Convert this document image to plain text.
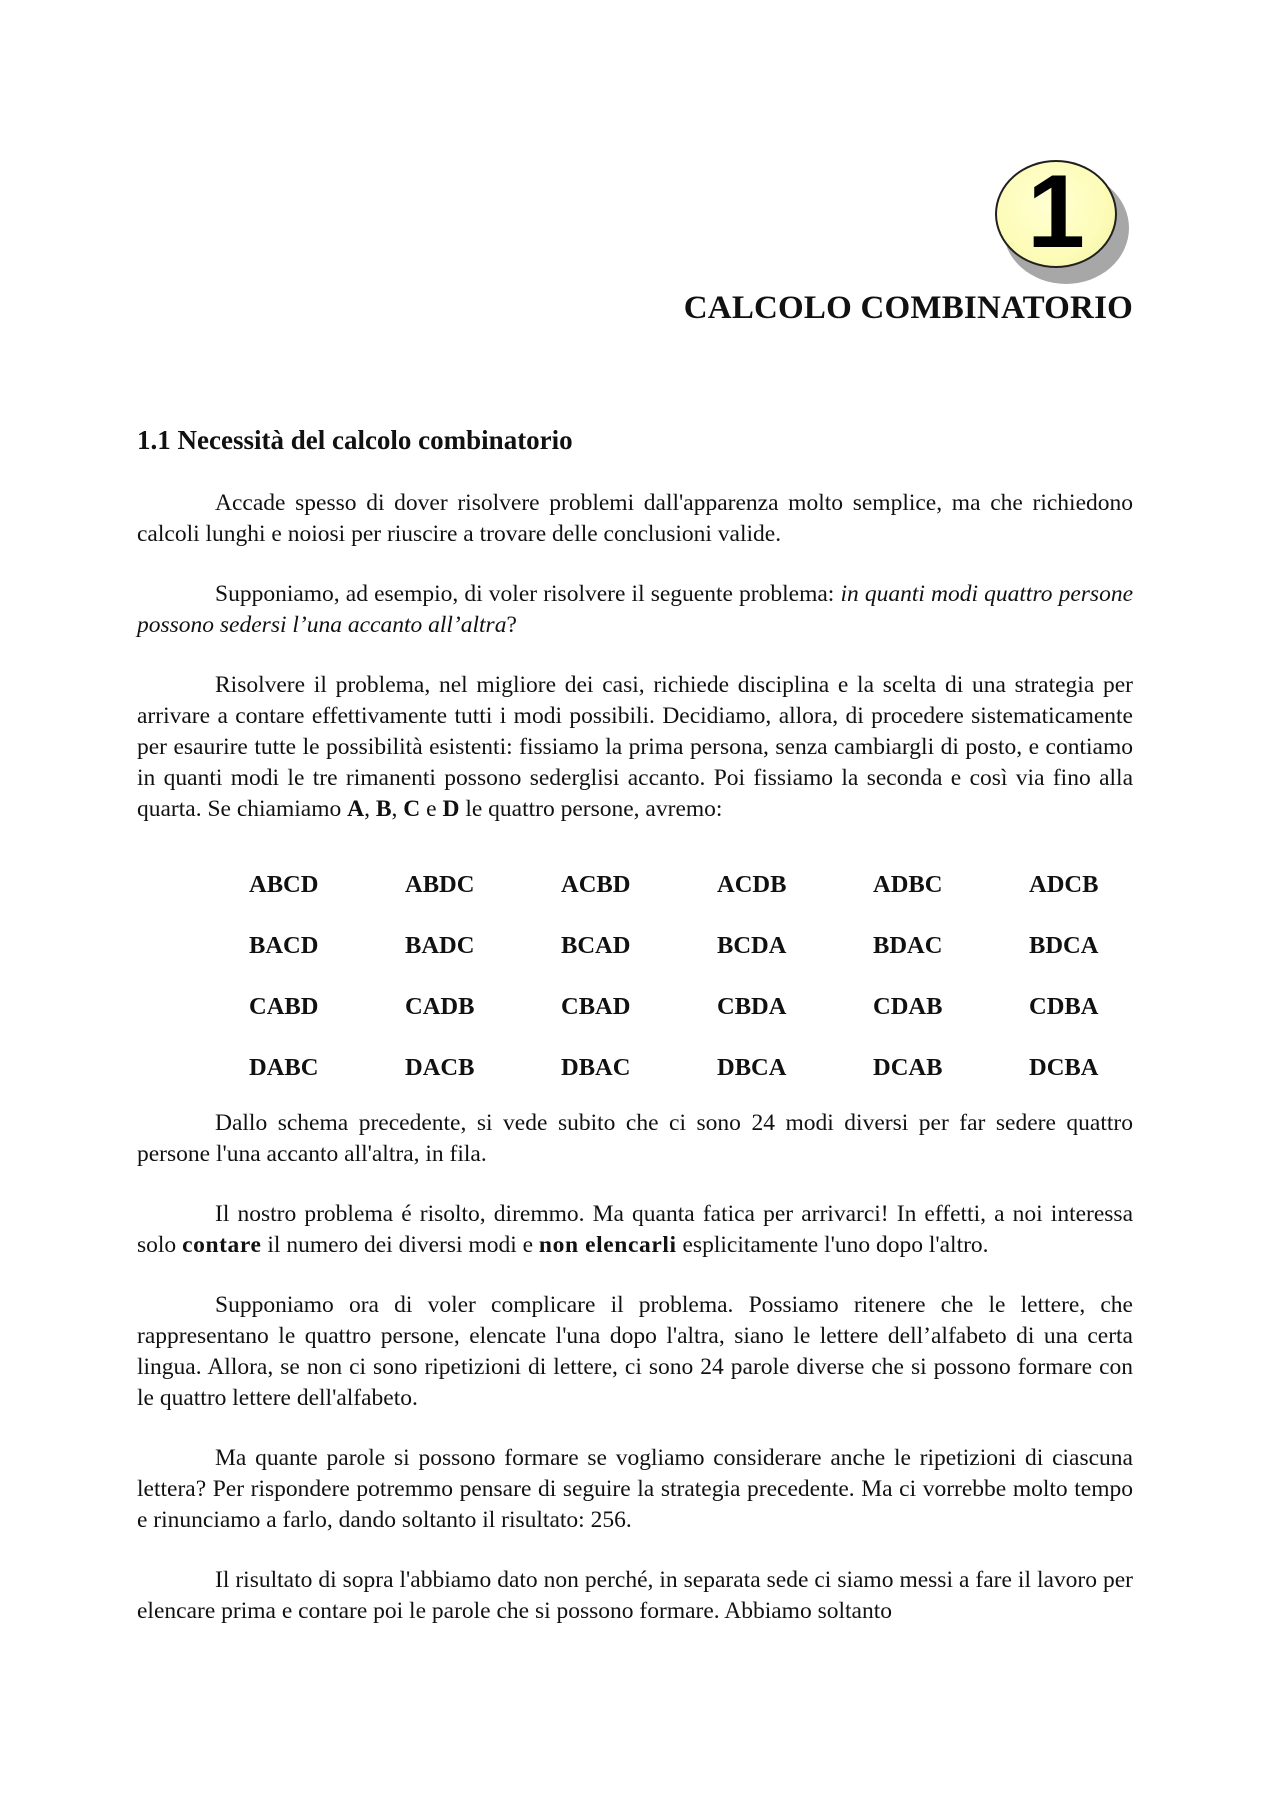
1
CALCOLO COMBINATORIO
1.1 Necessità del calcolo combinatorio

Accade spesso di dover risolvere problemi dall'apparenza molto semplice, ma che richiedono calcoli lunghi e noiosi per riuscire a trovare delle conclusioni valide.

Supponiamo, ad esempio, di voler risolvere il seguente problema: in quanti modi quattro persone possono sedersi l’una accanto all’altra?

Risolvere il problema, nel migliore dei casi, richiede disciplina e la scelta di una strategia per arrivare a contare effettivamente tutti i modi possibili. Decidiamo, allora, di procedere sistematicamente per esaurire tutte le possibilità esistenti: fissiamo la prima persona, senza cambiargli di posto, e contiamo in quanti modi le tre rimanenti possono sederglisi accanto. Poi fissiamo la seconda e così via fino alla quarta. Se chiamiamo A, B, C e D le quattro persone, avremo:

ABCD	ABDC	ACBD	ACDB	ADBC	ADCB
BACD	BADC	BCAD	BCDA	BDAC	BDCA
CABD	CADB	CBAD	CBDA	CDAB	CDBA
DABC	DACB	DBAC	DBCA	DCAB	DCBA

Dallo schema precedente, si vede subito che ci sono 24 modi diversi per far sedere quattro persone l'una accanto all'altra, in fila.

Il nostro problema é risolto, diremmo. Ma quanta fatica per arrivarci! In effetti, a noi interessa solo contare il numero dei diversi modi e non elencarli esplicitamente l'uno dopo l'altro.

Supponiamo ora di voler complicare il problema. Possiamo ritenere che le lettere, che rappresentano le quattro persone, elencate l'una dopo l'altra, siano le lettere dell’alfabeto di una certa lingua. Allora, se non ci sono ripetizioni di lettere, ci sono 24 parole diverse che si possono formare con le quattro lettere dell'alfabeto.

Ma quante parole si possono formare se vogliamo considerare anche le ripetizioni di ciascuna lettera? Per rispondere potremmo pensare di seguire la strategia precedente. Ma ci vorrebbe molto tempo e rinunciamo a farlo, dando soltanto il risultato: 256.

Il risultato di sopra l'abbiamo dato non perché, in separata sede ci siamo messi a fare il lavoro per elencare prima e contare poi le parole che si possono formare. Abbiamo soltanto
